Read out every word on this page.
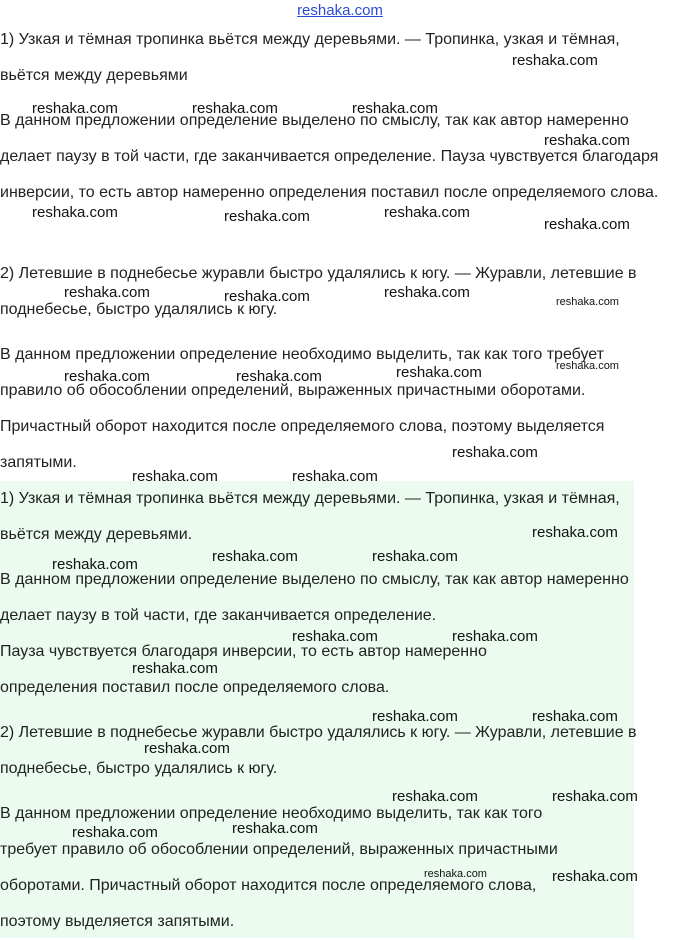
reshaka.com

1) Узкая и тёмная тропинка вьётся между деревьями. — Тропинка, узкая и тёмная, вьётся между деревьями

В данном предложении определение выделено по смыслу, так как автор намеренно делает паузу в той части, где заканчивается определение. Пауза чувствуется благодаря инверсии, то есть автор намеренно определения поставил после определяемого слова.

2) Летевшие в поднебесье журавли быстро удалялись к югу. — Журавли, летевшие в поднебесье, быстро удалялись к югу.

В данном предложении определение необходимо выделить, так как того требует правило об обособлении определений, выраженных причастными оборотами. Причастный оборот находится после определяемого слова, поэтому выделяется запятыми.

1) Узкая и тёмная тропинка вьётся между деревьями. — Тропинка, узкая и тёмная, вьётся между деревьями.

В данном предложении определение выделено по смыслу, так как автор намеренно делает паузу в той части, где заканчивается определение.

Пауза чувствуется благодаря инверсии, то есть автор намеренно определения поставил после определяемого слова.

2) Летевшие в поднебесье журавли быстро удалялись к югу. — Журавли, летевшие в поднебесье, быстро удалялись к югу.

В данном предложении определение необходимо выделить, так как того требует правило об обособлении определений, выраженных причастными оборотами. Причастный оборот находится после определяемого слова, поэтому выделяется запятыми.

reshaka.com
reshaka.com	reshaka.com	reshaka.com
reshaka.com
reshaka.com	reshaka.com	reshaka.com
reshaka.com
reshaka.com	reshaka.com	reshaka.com
reshaka.com
reshaka.com
reshaka.com	reshaka.com	reshaka.com
reshaka.com
reshaka.com	reshaka.com
reshaka.com
reshaka.com	reshaka.com	reshaka.com
reshaka.com	reshaka.com
reshaka.com
reshaka.com	reshaka.com
reshaka.com
reshaka.com	reshaka.com
reshaka.com	reshaka.com
reshaka.com	reshaka.com
